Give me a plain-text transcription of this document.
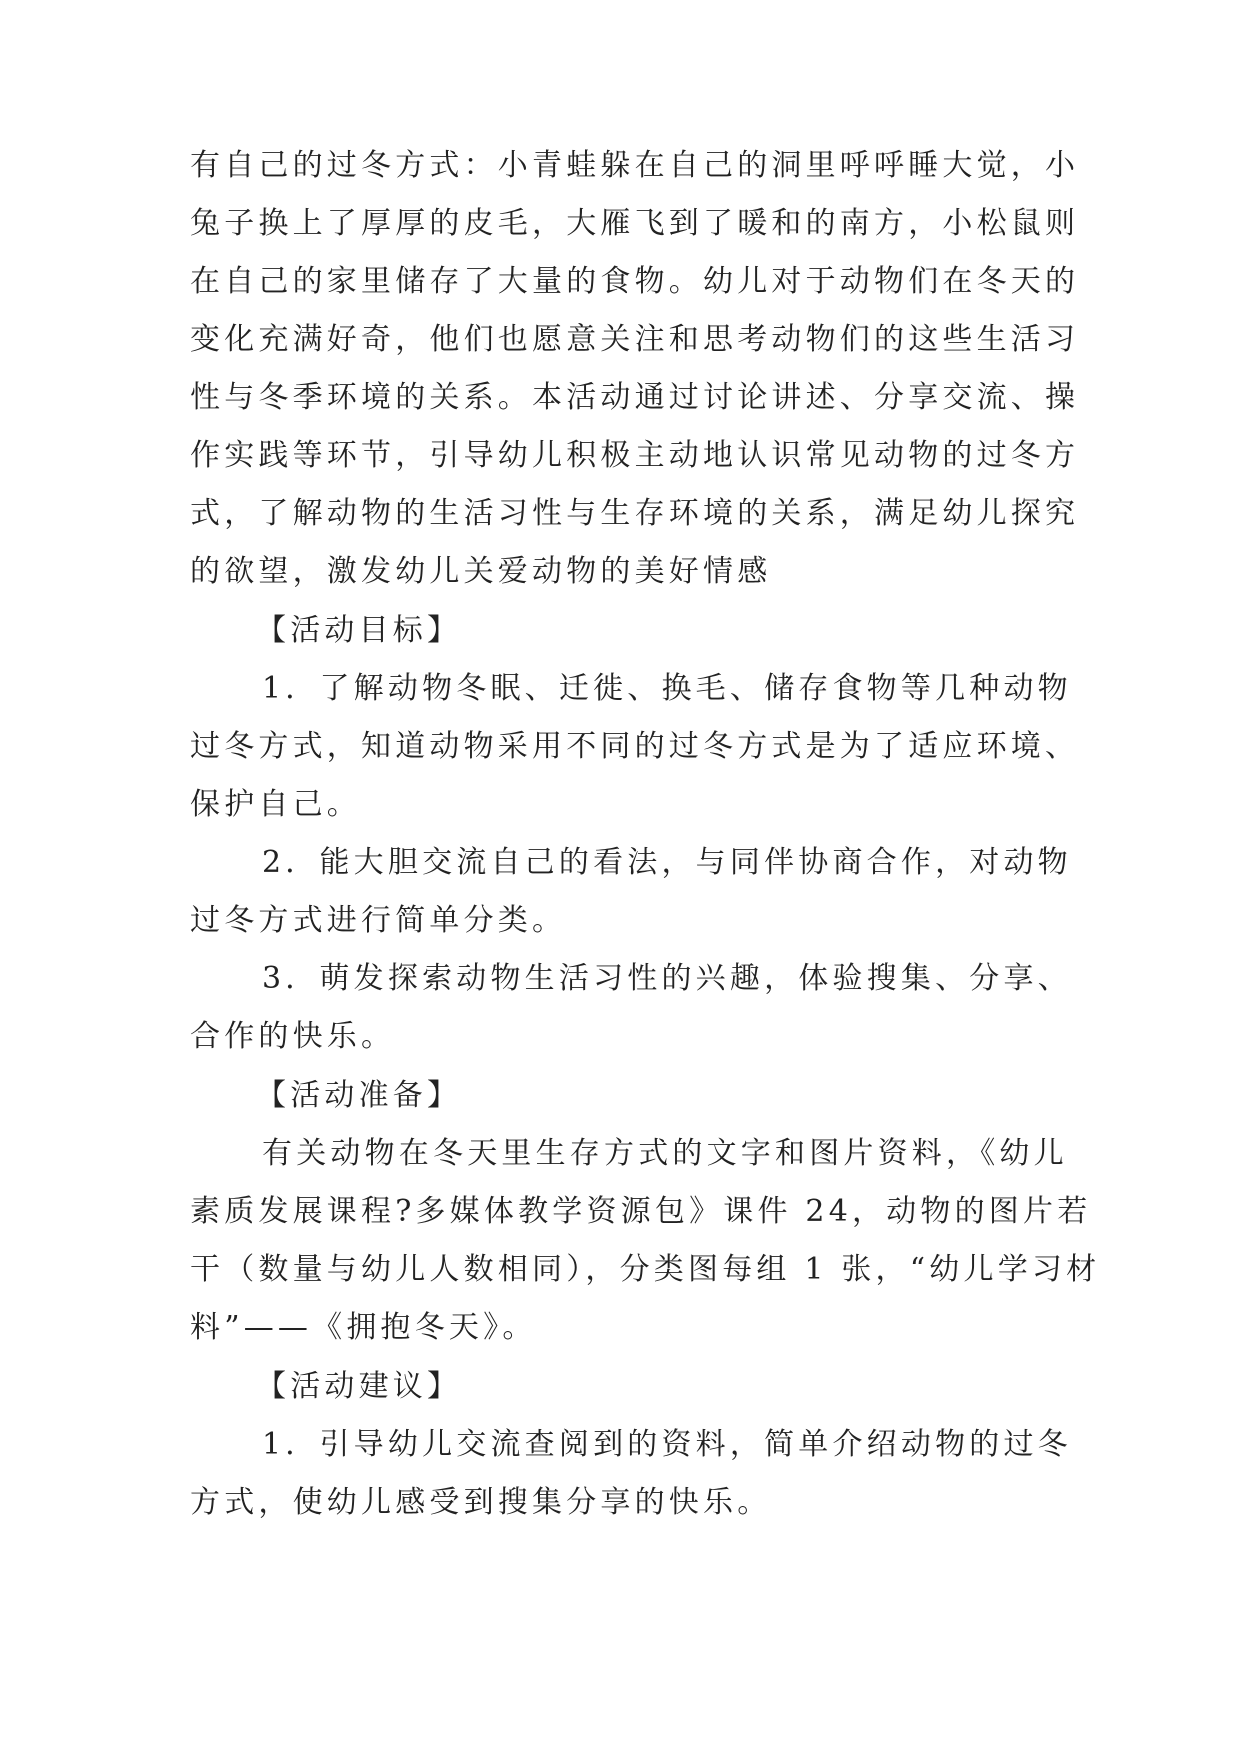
有自己的过冬方式：小青蛙躲在自己的洞里呼呼睡大觉，小
兔子换上了厚厚的皮毛，大雁飞到了暖和的南方，小松鼠则
在自己的家里储存了大量的食物。幼儿对于动物们在冬天的
变化充满好奇，他们也愿意关注和思考动物们的这些生活习
性与冬季环境的关系。本活动通过讨论讲述、分享交流、操
作实践等环节，引导幼儿积极主动地认识常见动物的过冬方
式，了解动物的生活习性与生存环境的关系，满足幼儿探究
的欲望，激发幼儿关爱动物的美好情感
【活动目标】
1．了解动物冬眠、迁徙、换毛、储存食物等几种动物
过冬方式，知道动物采用不同的过冬方式是为了适应环境、
保护自己。
2．能大胆交流自己的看法，与同伴协商合作，对动物
过冬方式进行简单分类。
3．萌发探索动物生活习性的兴趣，体验搜集、分享、
合作的快乐。
【活动准备】
有关动物在冬天里生存方式的文字和图片资料，《幼儿
素质发展课程?多媒体教学资源包》课件 24，动物的图片若
干（数量与幼儿人数相同），分类图每组 1 张，“幼儿学习材
料”——《拥抱冬天》。
【活动建议】
1．引导幼儿交流查阅到的资料，简单介绍动物的过冬
方式，使幼儿感受到搜集分享的快乐。
